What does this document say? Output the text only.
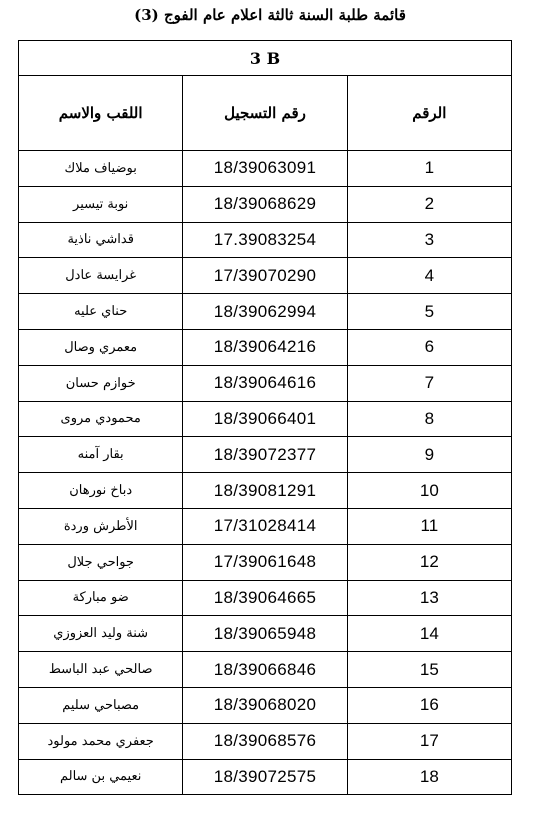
قائمة طلبة السنة ثالثة اعلام عام الفوج (3)
3 B		
الرقم	رقم التسجيل	اللقب والاسم
1	18/39063091	بوضياف ملاك
2	18/39068629	نوبة تيسير
3	17.39083254	قداشي ناذية
4	17/39070290	غرايسة عادل
5	18/39062994	حناي عليه
6	18/39064216	معمري وصال
7	18/39064616	خوازم حسان
8	18/39066401	محمودي مروى
9	18/39072377	بقار آمنه
10	18/39081291	دباخ نورهان
11	17/31028414	الأطرش وردة
12	17/39061648	جواحي جلال
13	18/39064665	ضو مباركة
14	18/39065948	شنة وليد العزوزي
15	18/39066846	صالحي عبد الباسط
16	18/39068020	مصباحي سليم
17	18/39068576	جعفري محمد مولود
18	18/39072575	نعيمي بن سالم
